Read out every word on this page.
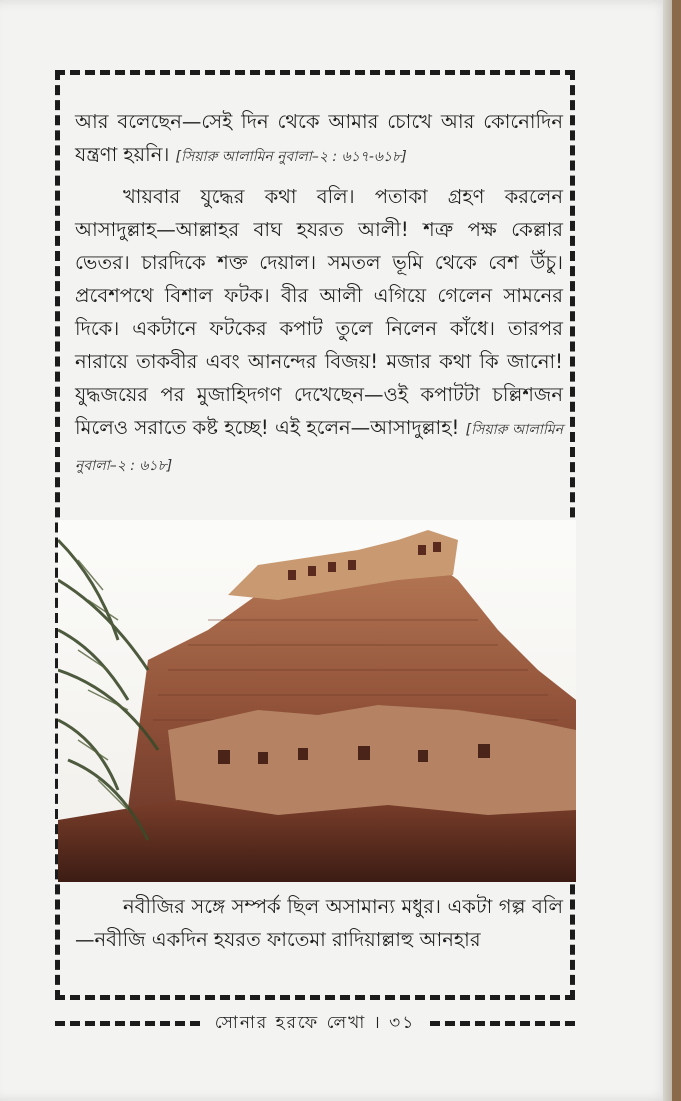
আর বলেছেন—সেই দিন থেকে আমার চোখে আর কোনোদিন যন্ত্রণা হয়নি। [সিয়ারু আলামিন নুবালা–২ : ৬১৭-৬১৮]
খায়বার যুদ্ধের কথা বলি। পতাকা গ্রহণ করলেন আসাদুল্লাহ—আল্লাহর বাঘ হযরত আলী! শত্রু পক্ষ কেল্লার ভেতর। চারদিকে শক্ত দেয়াল। সমতল ভূমি থেকে বেশ উঁচু। প্রবেশপথে বিশাল ফটক। বীর আলী এগিয়ে গেলেন সামনের দিকে। একটানে ফটকের কপাট তুলে নিলেন কাঁধে। তারপর নারায়ে তাকবীর এবং আনন্দের বিজয়! মজার কথা কি জানো! যুদ্ধজয়ের পর মুজাহিদগণ দেখেছেন—ওই কপাটটা চল্লিশজন মিলেও সরাতে কষ্ট হচ্ছে! এই হলেন—আসাদুল্লাহ! [সিয়ারু আলামিন নুবালা–২ : ৬১৮]
নবীজির সঙ্গে সম্পর্ক ছিল অসামান্য মধুর। একটা গল্প বলি—নবীজি একদিন হযরত ফাতেমা রাদিয়াল্লাহু আনহার
সোনার হরফে লেখা । ৩১
